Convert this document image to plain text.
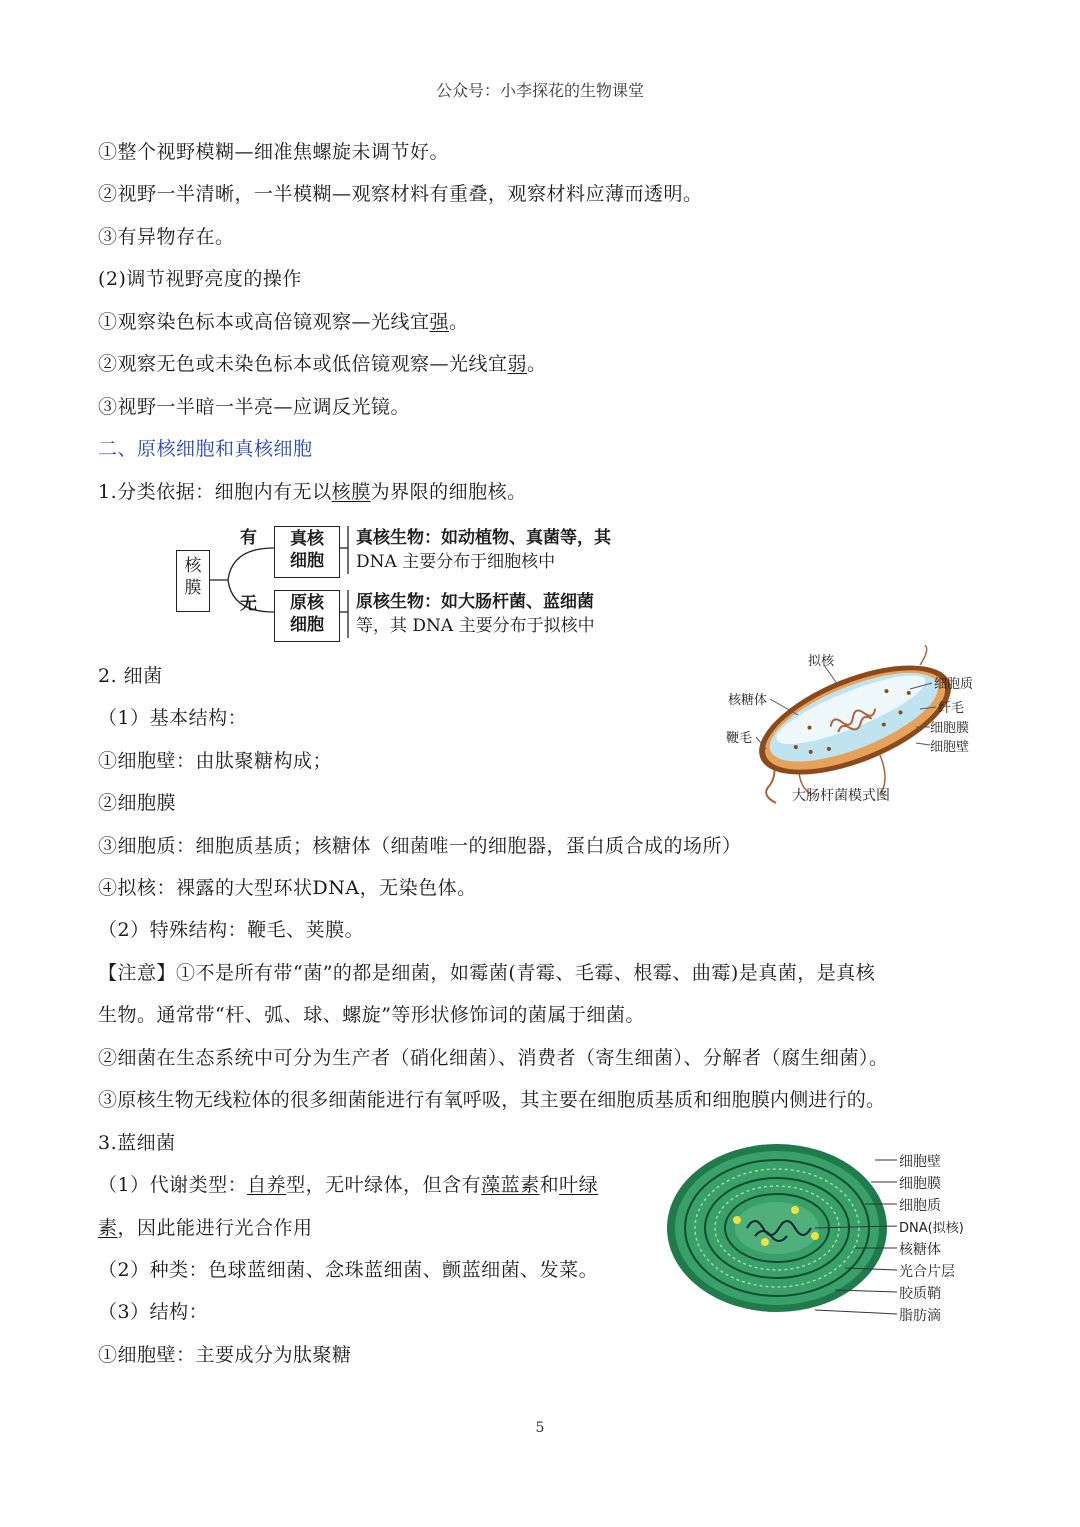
公众号：小李探花的生物课堂
①整个视野模糊—细准焦螺旋未调节好。
②视野一半清晰，一半模糊—观察材料有重叠，观察材料应薄而透明。
③有异物存在。
(2)调节视野亮度的操作
①观察染色标本或高倍镜观察—光线宜强。
②观察无色或未染色标本或低倍镜观察—光线宜弱。
③视野一半暗一半亮—应调反光镜。
二、原核细胞和真核细胞
1.分类依据：细胞内有无以核膜为界限的细胞核。
核
膜
有
无
真核
细胞
原核
细胞
真核生物：如动植物、真菌等，其
DNA 主要分布于细胞核中
原核生物：如大肠杆菌、蓝细菌
等，其 DNA 主要分布于拟核中
2. 细菌
（1）基本结构：
①细胞壁：由肽聚糖构成；
②细胞膜
③细胞质：细胞质基质；核糖体（细菌唯一的细胞器，蛋白质合成的场所）
④拟核：裸露的大型环状DNA，无染色体。
（2）特殊结构：鞭毛、荚膜。
【注意】①不是所有带“菌”的都是细菌，如霉菌(青霉、毛霉、根霉、曲霉)是真菌，是真核
生物。通常带“杆、弧、球、螺旋”等形状修饰词的菌属于细菌。
②细菌在生态系统中可分为生产者（硝化细菌）、消费者（寄生细菌）、分解者（腐生细菌）。
③原核生物无线粒体的很多细菌能进行有氧呼吸，其主要在细胞质基质和细胞膜内侧进行的。
3.蓝细菌
（1）代谢类型：自养型，无叶绿体，但含有藻蓝素和叶绿
素，因此能进行光合作用
（2）种类：色球蓝细菌、念珠蓝细菌、颤蓝细菌、发菜。
（3）结构：
①细胞壁：主要成分为肽聚糖
拟核
核糖体
鞭毛
细胞质
纤毛
细胞膜
细胞壁
大肠杆菌模式图
细胞壁
细胞膜
细胞质
DNA(拟核)
核糖体
光合片层
胶质鞘
脂肪滴
5
